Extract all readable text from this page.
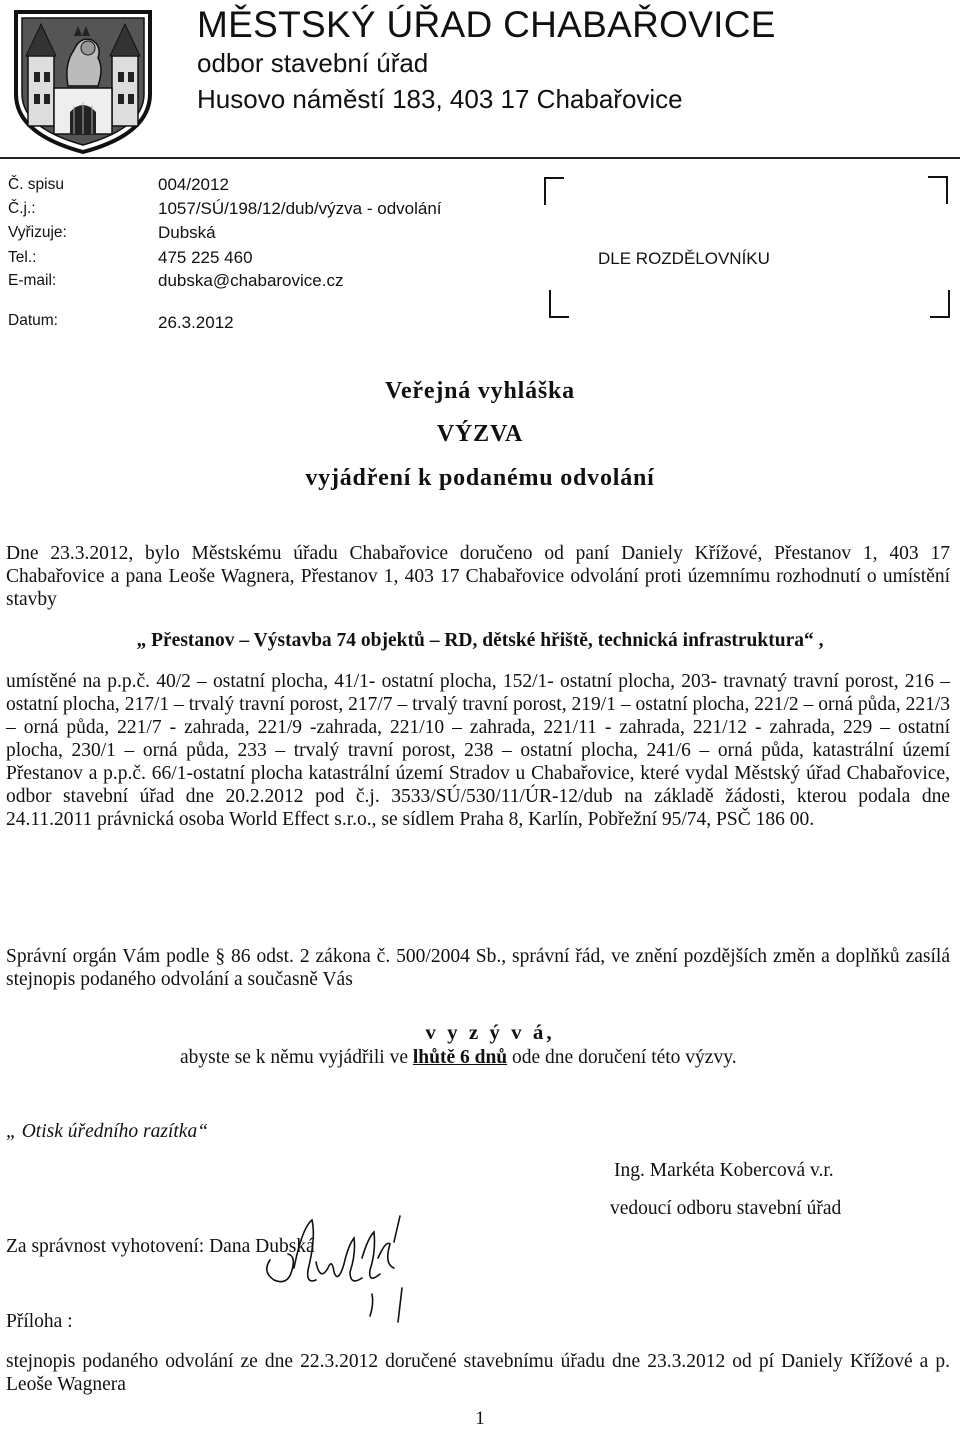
MĚSTSKÝ ÚŘAD CHABAŘOVICE
odbor stavební úřad
Husovo náměstí 183, 403 17 Chabařovice
Č. spisu	004/2012
Č.j.:	1057/SÚ/198/12/dub/výzva - odvolání
Vyřizuje:	Dubská
Tel.:	475 225 460
E-mail:	dubska@chabarovice.cz
Datum:	26.3.2012
DLE ROZDĚLOVNÍKU
Veřejná vyhláška
VÝZVA
vyjádření k podanému odvolání

Dne 23.3.2012, bylo Městskému úřadu Chabařovice doručeno od paní Daniely Křížové, Přestanov 1, 403 17 Chabařovice a pana Leoše Wagnera, Přestanov 1, 403 17 Chabařovice odvolání proti územnímu rozhodnutí o umístění stavby

„ Přestanov – Výstavba 74 objektů – RD, dětské hřiště, technická infrastruktura“ ,

umístěné na p.p.č. 40/2 – ostatní plocha, 41/1- ostatní plocha, 152/1- ostatní plocha, 203- travnatý travní porost, 216 – ostatní plocha, 217/1 – trvalý travní porost, 217/7 – trvalý travní porost, 219/1 – ostatní plocha, 221/2 – orná půda, 221/3 – orná půda, 221/7 - zahrada, 221/9 -zahrada, 221/10 – zahrada, 221/11 - zahrada, 221/12 - zahrada, 229 – ostatní plocha, 230/1 – orná půda, 233 – trvalý travní porost, 238 – ostatní plocha, 241/6 – orná půda, katastrální území Přestanov a p.p.č. 66/1-ostatní plocha katastrální území Stradov u Chabařovice, které vydal Městský úřad Chabařovice, odbor stavební úřad dne 20.2.2012 pod č.j. 3533/SÚ/530/11/ÚR-12/dub na základě žádosti, kterou podala dne 24.11.2011 právnická osoba World Effect s.r.o., se sídlem Praha 8, Karlín, Pobřežní 95/74, PSČ 186 00.

Správní orgán Vám podle § 86 odst. 2 zákona č. 500/2004 Sb., správní řád, ve znění pozdějších změn a doplňků zasílá stejnopis podaného odvolání a současně Vás

v y z ý v á,
abyste se k němu vyjádřili ve lhůtě 6 dnů ode dne doručení této výzvy.
„ Otisk úředního razítka“
Ing. Markéta Kobercová v.r.
vedoucí odboru stavební úřad
Za správnost vyhotovení: Dana Dubská
Příloha :

stejnopis podaného odvolání ze dne 22.3.2012 doručené stavebnímu úřadu dne 23.3.2012 od pí Daniely Křížové a p. Leoše Wagnera

1
